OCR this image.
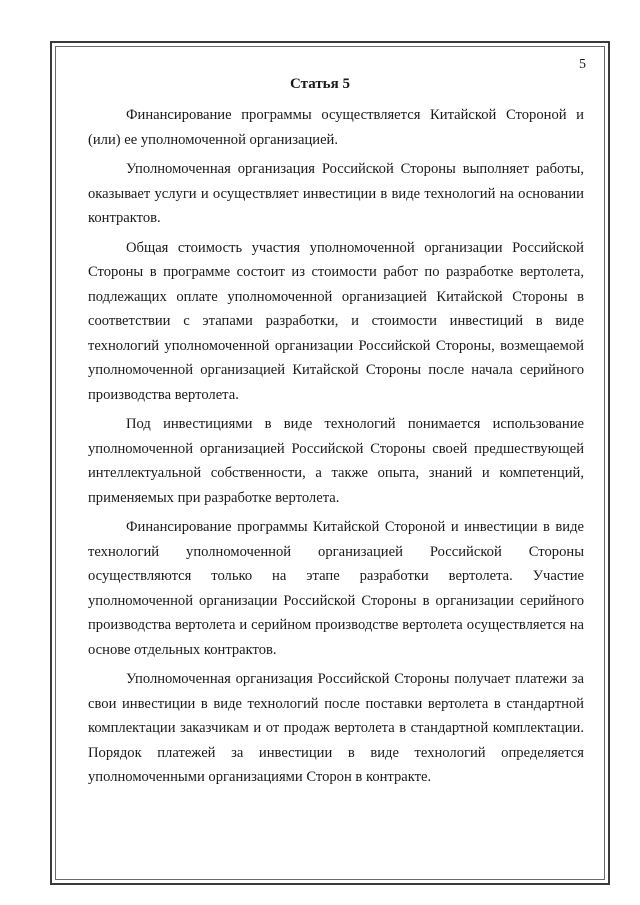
5
Статья 5

Финансирование программы осуществляется Китайской Стороной и (или) ее уполномоченной организацией.

Уполномоченная организация Российской Стороны выполняет работы, оказывает услуги и осуществляет инвестиции в виде технологий на основании контрактов.

Общая стоимость участия уполномоченной организации Российской Стороны в программе состоит из стоимости работ по разработке вертолета, подлежащих оплате уполномоченной организацией Китайской Стороны в соответствии с этапами разработки, и стоимости инвестиций в виде технологий уполномоченной организации Российской Стороны, возмещаемой уполномоченной организацией Китайской Стороны после начала серийного производства вертолета.

Под инвестициями в виде технологий понимается использование уполномоченной организацией Российской Стороны своей предшествующей интеллектуальной собственности, а также опыта, знаний и компетенций, применяемых при разработке вертолета.

Финансирование программы Китайской Стороной и инвестиции в виде технологий уполномоченной организацией Российской Стороны осуществляются только на этапе разработки вертолета. Участие уполномоченной организации Российской Стороны в организации серийного производства вертолета и серийном производстве вертолета осуществляется на основе отдельных контрактов.

Уполномоченная организация Российской Стороны получает платежи за свои инвестиции в виде технологий после поставки вертолета в стандартной комплектации заказчикам и от продаж вертолета в стандартной комплектации. Порядок платежей за инвестиции в виде технологий определяется уполномоченными организациями Сторон в контракте.
